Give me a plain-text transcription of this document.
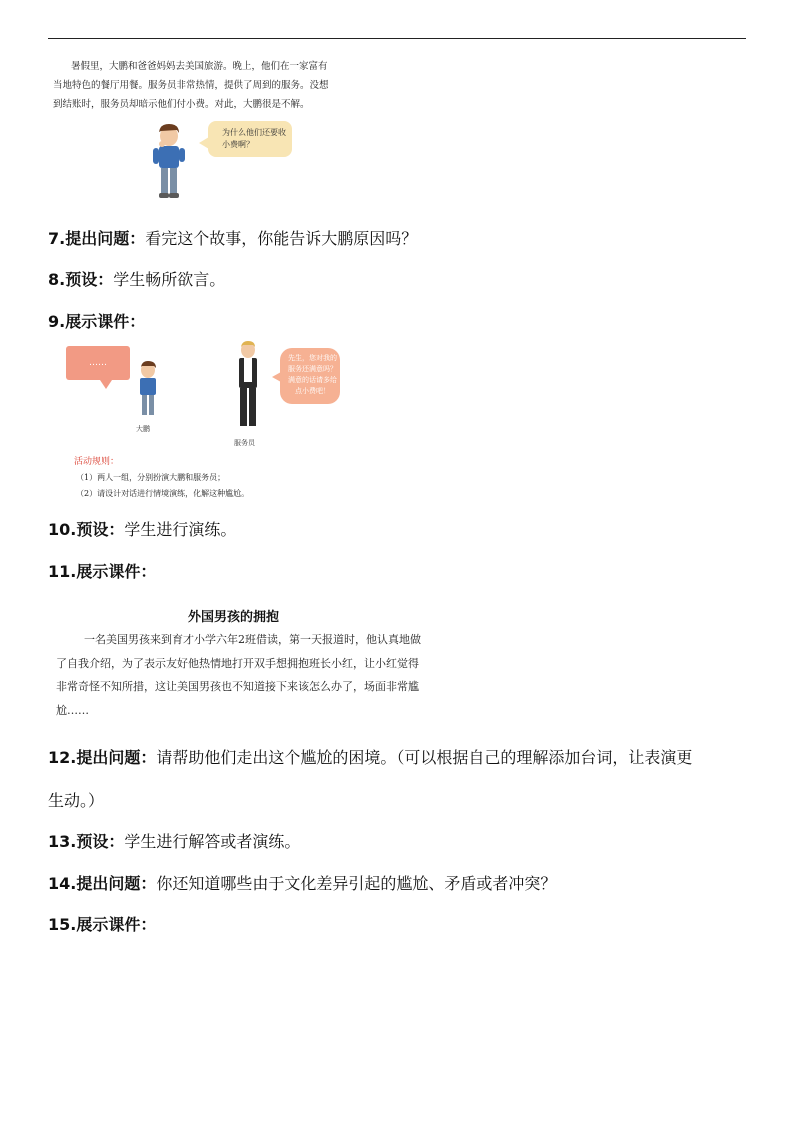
暑假里，大鹏和爸爸妈妈去美国旅游。晚上，他们在一家富有当地特色的餐厅用餐。服务员非常热情，提供了周到的服务。没想到结账时，服务员却暗示他们付小费。对此，大鹏很是不解。

为什么他们还要收小费啊？
7.提出问题：看完这个故事，你能告诉大鹏原因吗？
8.预设：学生畅所欲言。
9.展示课件：
……
大鹏
服务员
先生，您对我的服务还满意吗？满意的话请多给点小费吧！
活动规则：
（1）两人一组，分别扮演大鹏和服务员；
（2）请设计对话进行情境演练，化解这种尴尬。
10.预设：学生进行演练。
11.展示课件：
外国男孩的拥抱

一名美国男孩来到育才小学六年2班借读，第一天报道时，他认真地做了自我介绍，为了表示友好他热情地打开双手想拥抱班长小红，让小红觉得非常奇怪不知所措，这让美国男孩也不知道接下来该怎么办了，场面非常尴尬……

12.提出问题：请帮助他们走出这个尴尬的困境。（可以根据自己的理解添加台词，让表演更
生动。）
13.预设：学生进行解答或者演练。
14.提出问题：你还知道哪些由于文化差异引起的尴尬、矛盾或者冲突？
15.展示课件：
